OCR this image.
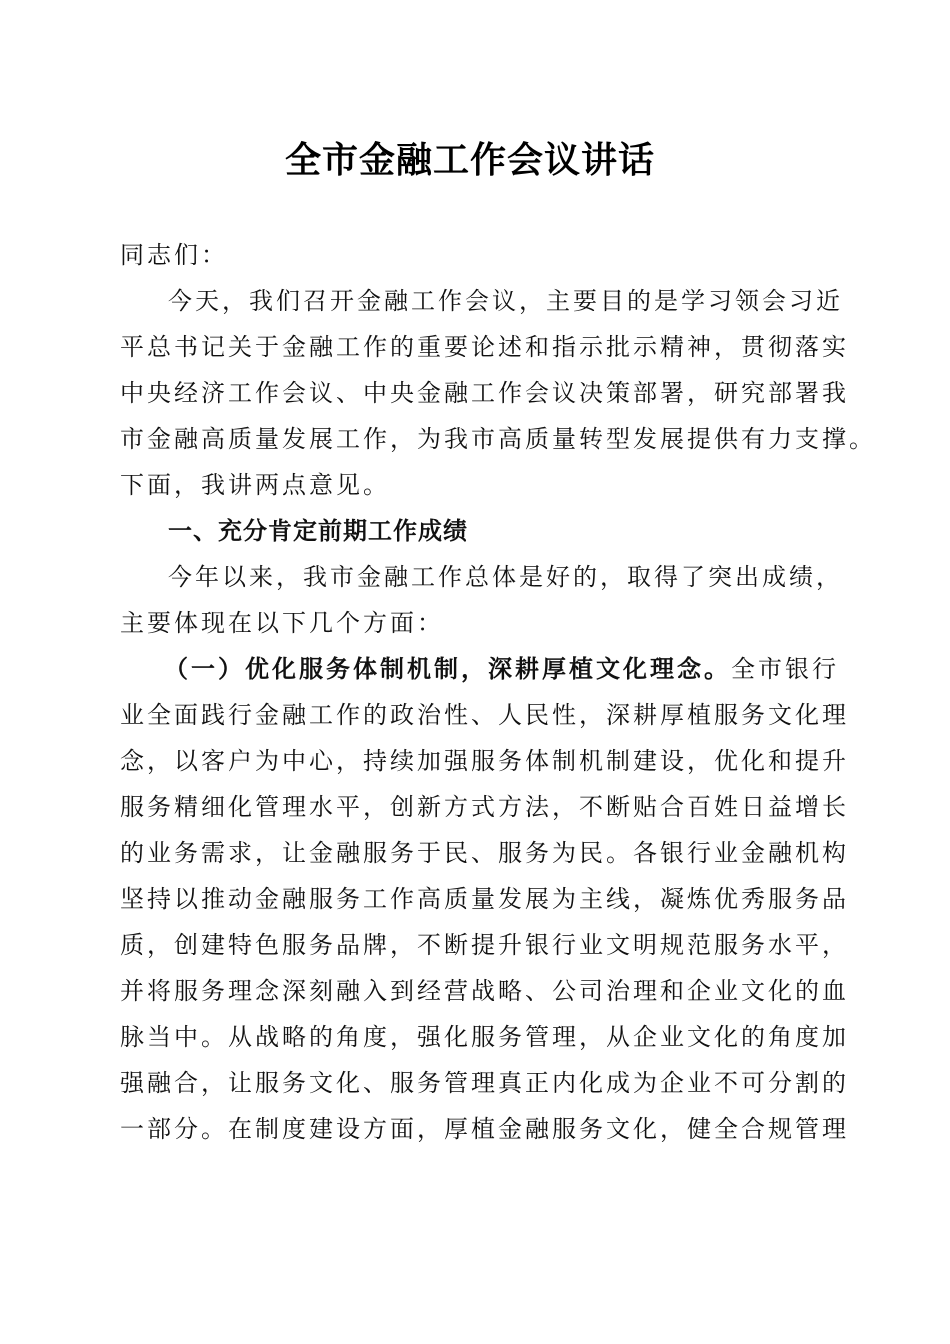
全市金融工作会议讲话
同志们：
今天，我们召开金融工作会议，主要目的是学习领会习近
平总书记关于金融工作的重要论述和指示批示精神，贯彻落实
中央经济工作会议、中央金融工作会议决策部署，研究部署我
市金融高质量发展工作，为我市高质量转型发展提供有力支撑。
下面，我讲两点意见。
一、充分肯定前期工作成绩
今年以来，我市金融工作总体是好的，取得了突出成绩，
主要体现在以下几个方面：
（一）优化服务体制机制，深耕厚植文化理念。全市银行
业全面践行金融工作的政治性、人民性，深耕厚植服务文化理
念，以客户为中心，持续加强服务体制机制建设，优化和提升
服务精细化管理水平，创新方式方法，不断贴合百姓日益增长
的业务需求，让金融服务于民、服务为民。各银行业金融机构
坚持以推动金融服务工作高质量发展为主线，凝炼优秀服务品
质，创建特色服务品牌，不断提升银行业文明规范服务水平，
并将服务理念深刻融入到经营战略、公司治理和企业文化的血
脉当中。从战略的角度，强化服务管理，从企业文化的角度加
强融合，让服务文化、服务管理真正内化成为企业不可分割的
一部分。在制度建设方面，厚植金融服务文化，健全合规管理
